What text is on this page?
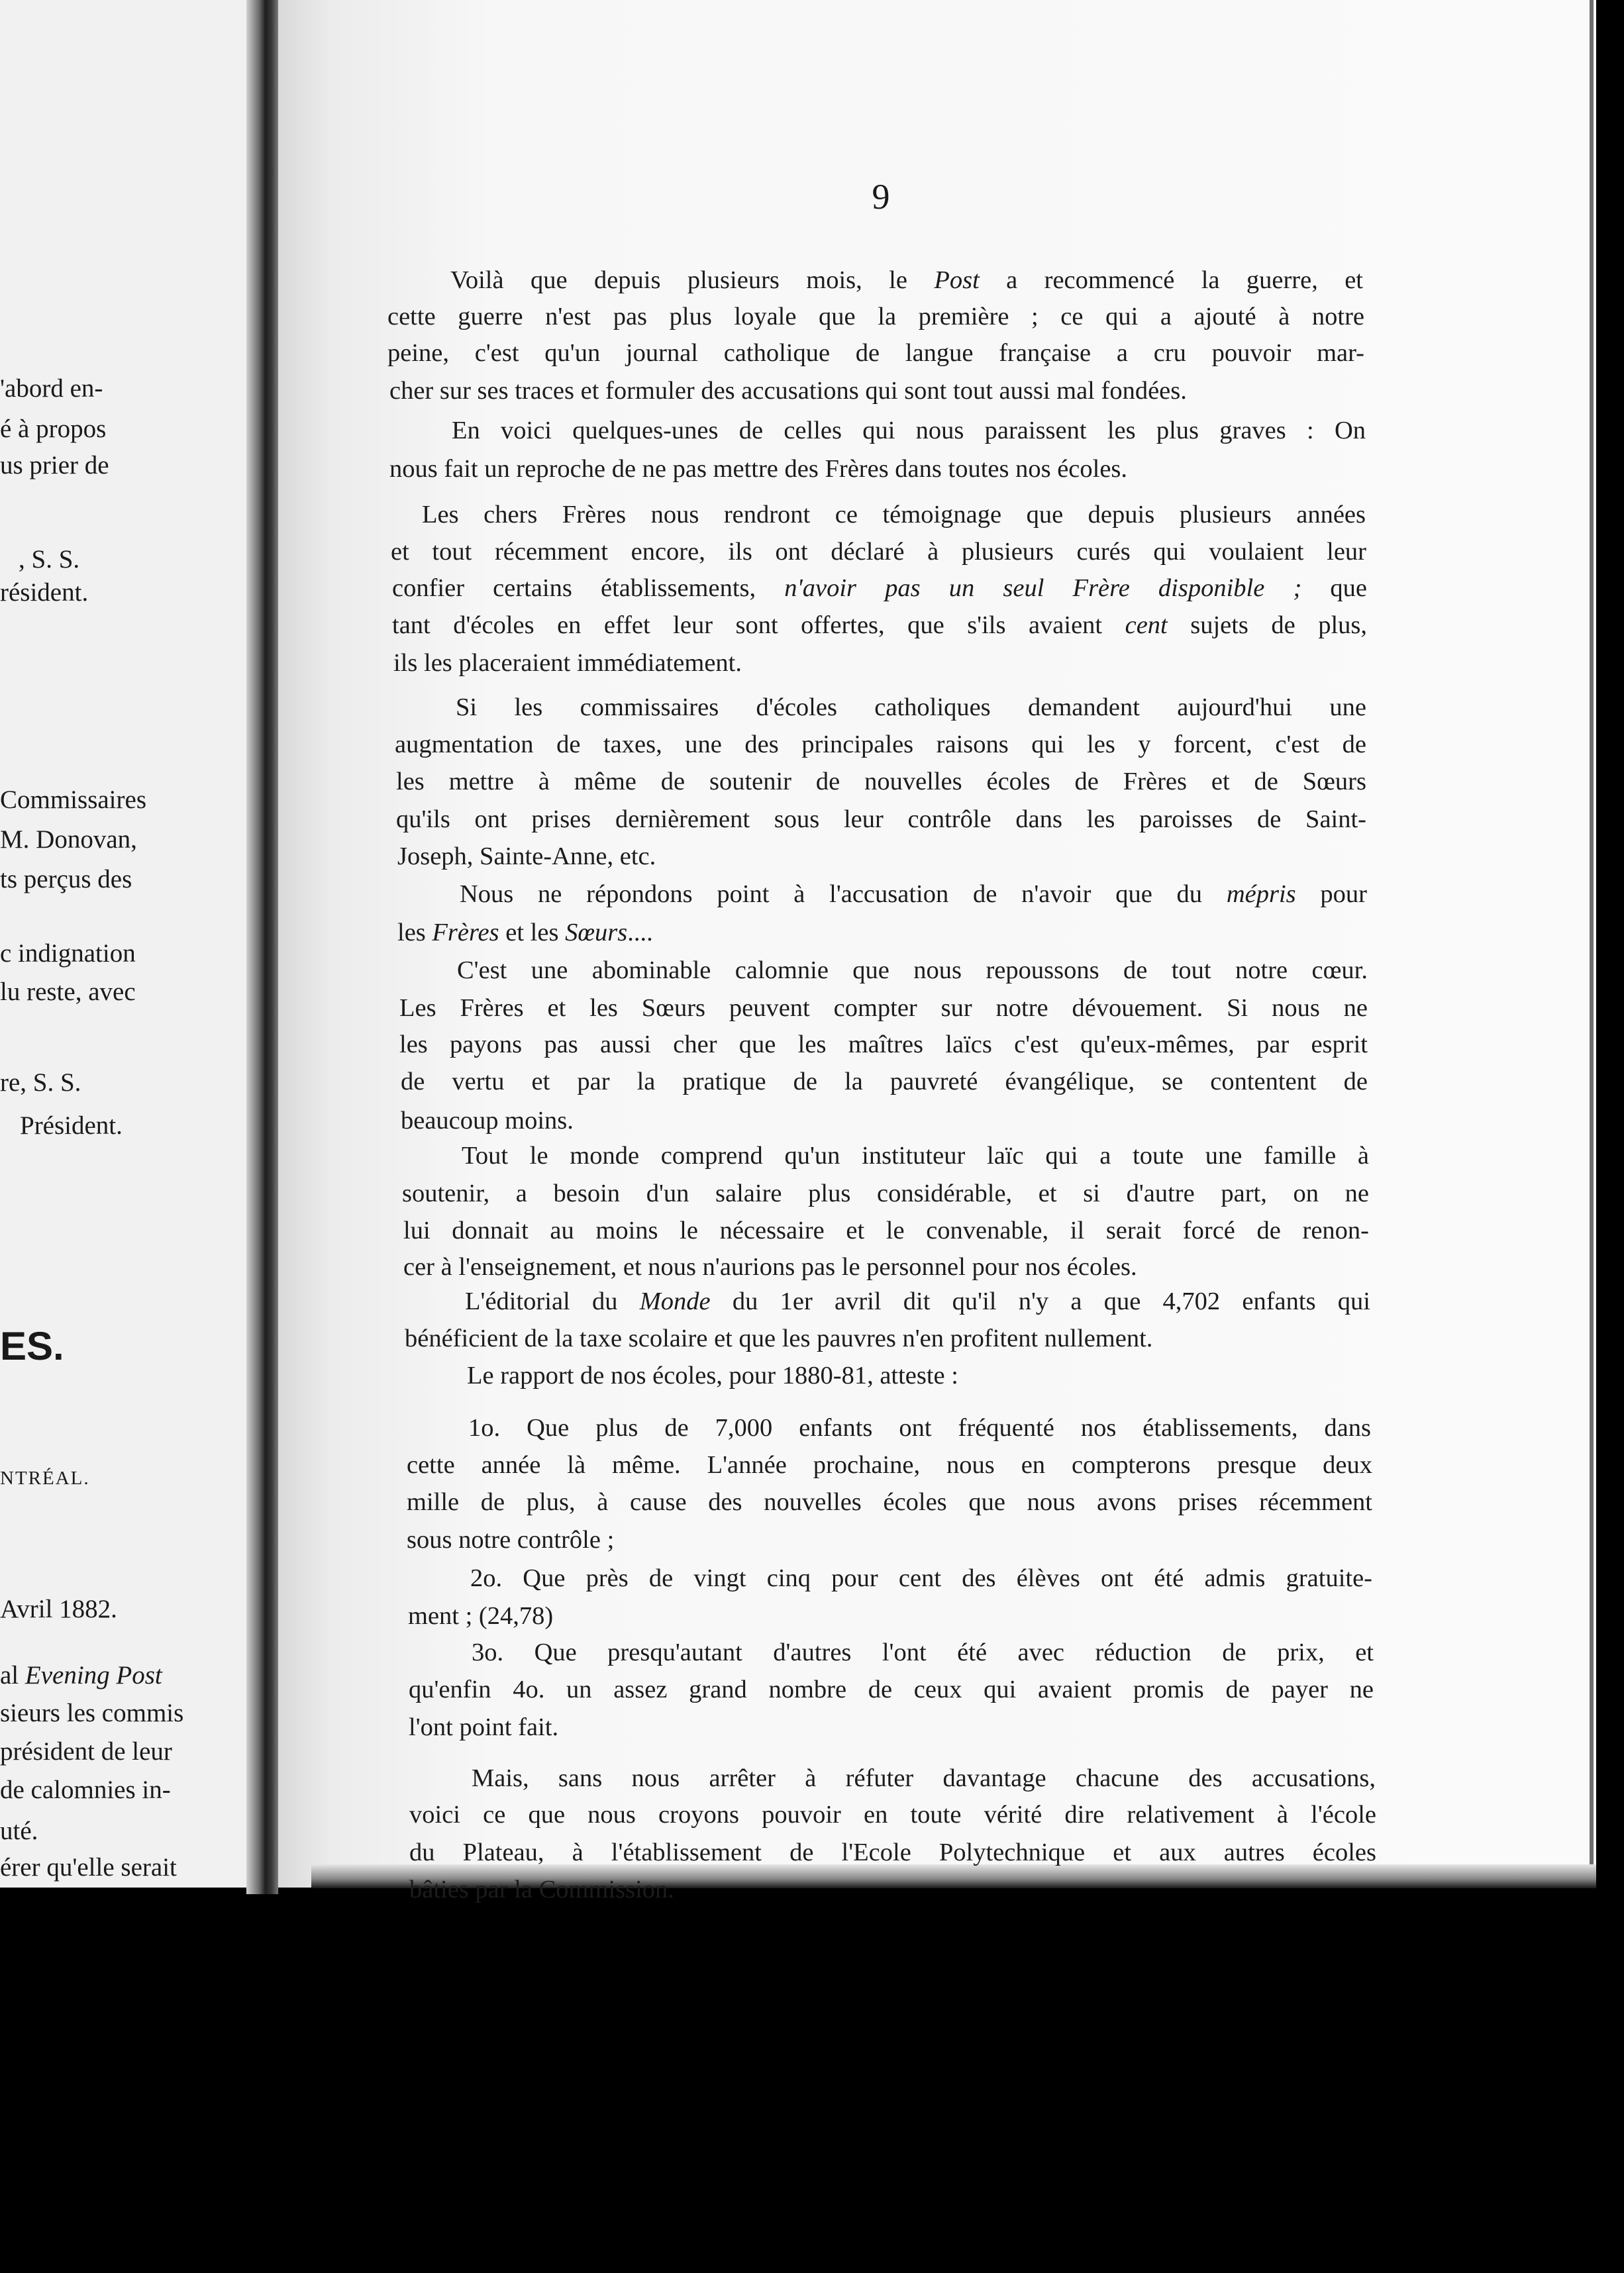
'abord en-
é à propos
us prier de
, S. S.
résident.
Commissaires
M. Donovan,
ts perçus des
c indignation
lu reste, avec
re, S. S.
Président.
ES.
NTRÉAL.
Avril 1882.
al Evening Post
sieurs les commis
président de leur
de calomnies in-
uté.
érer qu'elle serait
9
Voilà que depuis plusieurs mois, le Post a recommencé la guerre, et
cette guerre n'est pas plus loyale que la première ; ce qui a ajouté à notre
peine, c'est qu'un journal catholique de langue française a cru pouvoir mar-
cher sur ses traces et formuler des accusations qui sont tout aussi mal fondées.
En voici quelques-unes de celles qui nous paraissent les plus graves : On
nous fait un reproche de ne pas mettre des Frères dans toutes nos écoles.
Les chers Frères nous rendront ce témoignage que depuis plusieurs années
et tout récemment encore, ils ont déclaré à plusieurs curés qui voulaient leur
confier certains établissements, n'avoir pas un seul Frère disponible ; que
tant d'écoles en effet leur sont offertes, que s'ils avaient cent sujets de plus,
ils les placeraient immédiatement.
Si les commissaires d'écoles catholiques demandent aujourd'hui une
augmentation de taxes, une des principales raisons qui les y forcent, c'est de
les mettre à même de soutenir de nouvelles écoles de Frères et de Sœurs
qu'ils ont prises dernièrement sous leur contrôle dans les paroisses de Saint-
Joseph, Sainte-Anne, etc.
Nous ne répondons point à l'accusation de n'avoir que du mépris pour
les Frères et les Sœurs....
C'est une abominable calomnie que nous repoussons de tout notre cœur.
Les Frères et les Sœurs peuvent compter sur notre dévouement. Si nous ne
les payons pas aussi cher que les maîtres laïcs c'est qu'eux-mêmes, par esprit
de vertu et par la pratique de la pauvreté évangélique, se contentent de
beaucoup moins.
Tout le monde comprend qu'un instituteur laïc qui a toute une famille à
soutenir, a besoin d'un salaire plus considérable, et si d'autre part, on ne
lui donnait au moins le nécessaire et le convenable, il serait forcé de renon-
cer à l'enseignement, et nous n'aurions pas le personnel pour nos écoles.
L'éditorial du Monde du 1er avril dit qu'il n'y a que 4,702 enfants qui
bénéficient de la taxe scolaire et que les pauvres n'en profitent nullement.
Le rapport de nos écoles, pour 1880-81, atteste :
1o. Que plus de 7,000 enfants ont fréquenté nos établissements, dans
cette année là même. L'année prochaine, nous en compterons presque deux
mille de plus, à cause des nouvelles écoles que nous avons prises récemment
sous notre contrôle ;
2o. Que près de vingt cinq pour cent des élèves ont été admis gratuite-
ment ; (24,78)
3o. Que presqu'autant d'autres l'ont été avec réduction de prix, et
qu'enfin 4o. un assez grand nombre de ceux qui avaient promis de payer ne
l'ont point fait.
Mais, sans nous arrêter à réfuter davantage chacune des accusations,
voici ce que nous croyons pouvoir en toute vérité dire relativement à l'école
du Plateau, à l'établissement de l'Ecole Polytechnique et aux autres écoles
bâties par la Commission.
